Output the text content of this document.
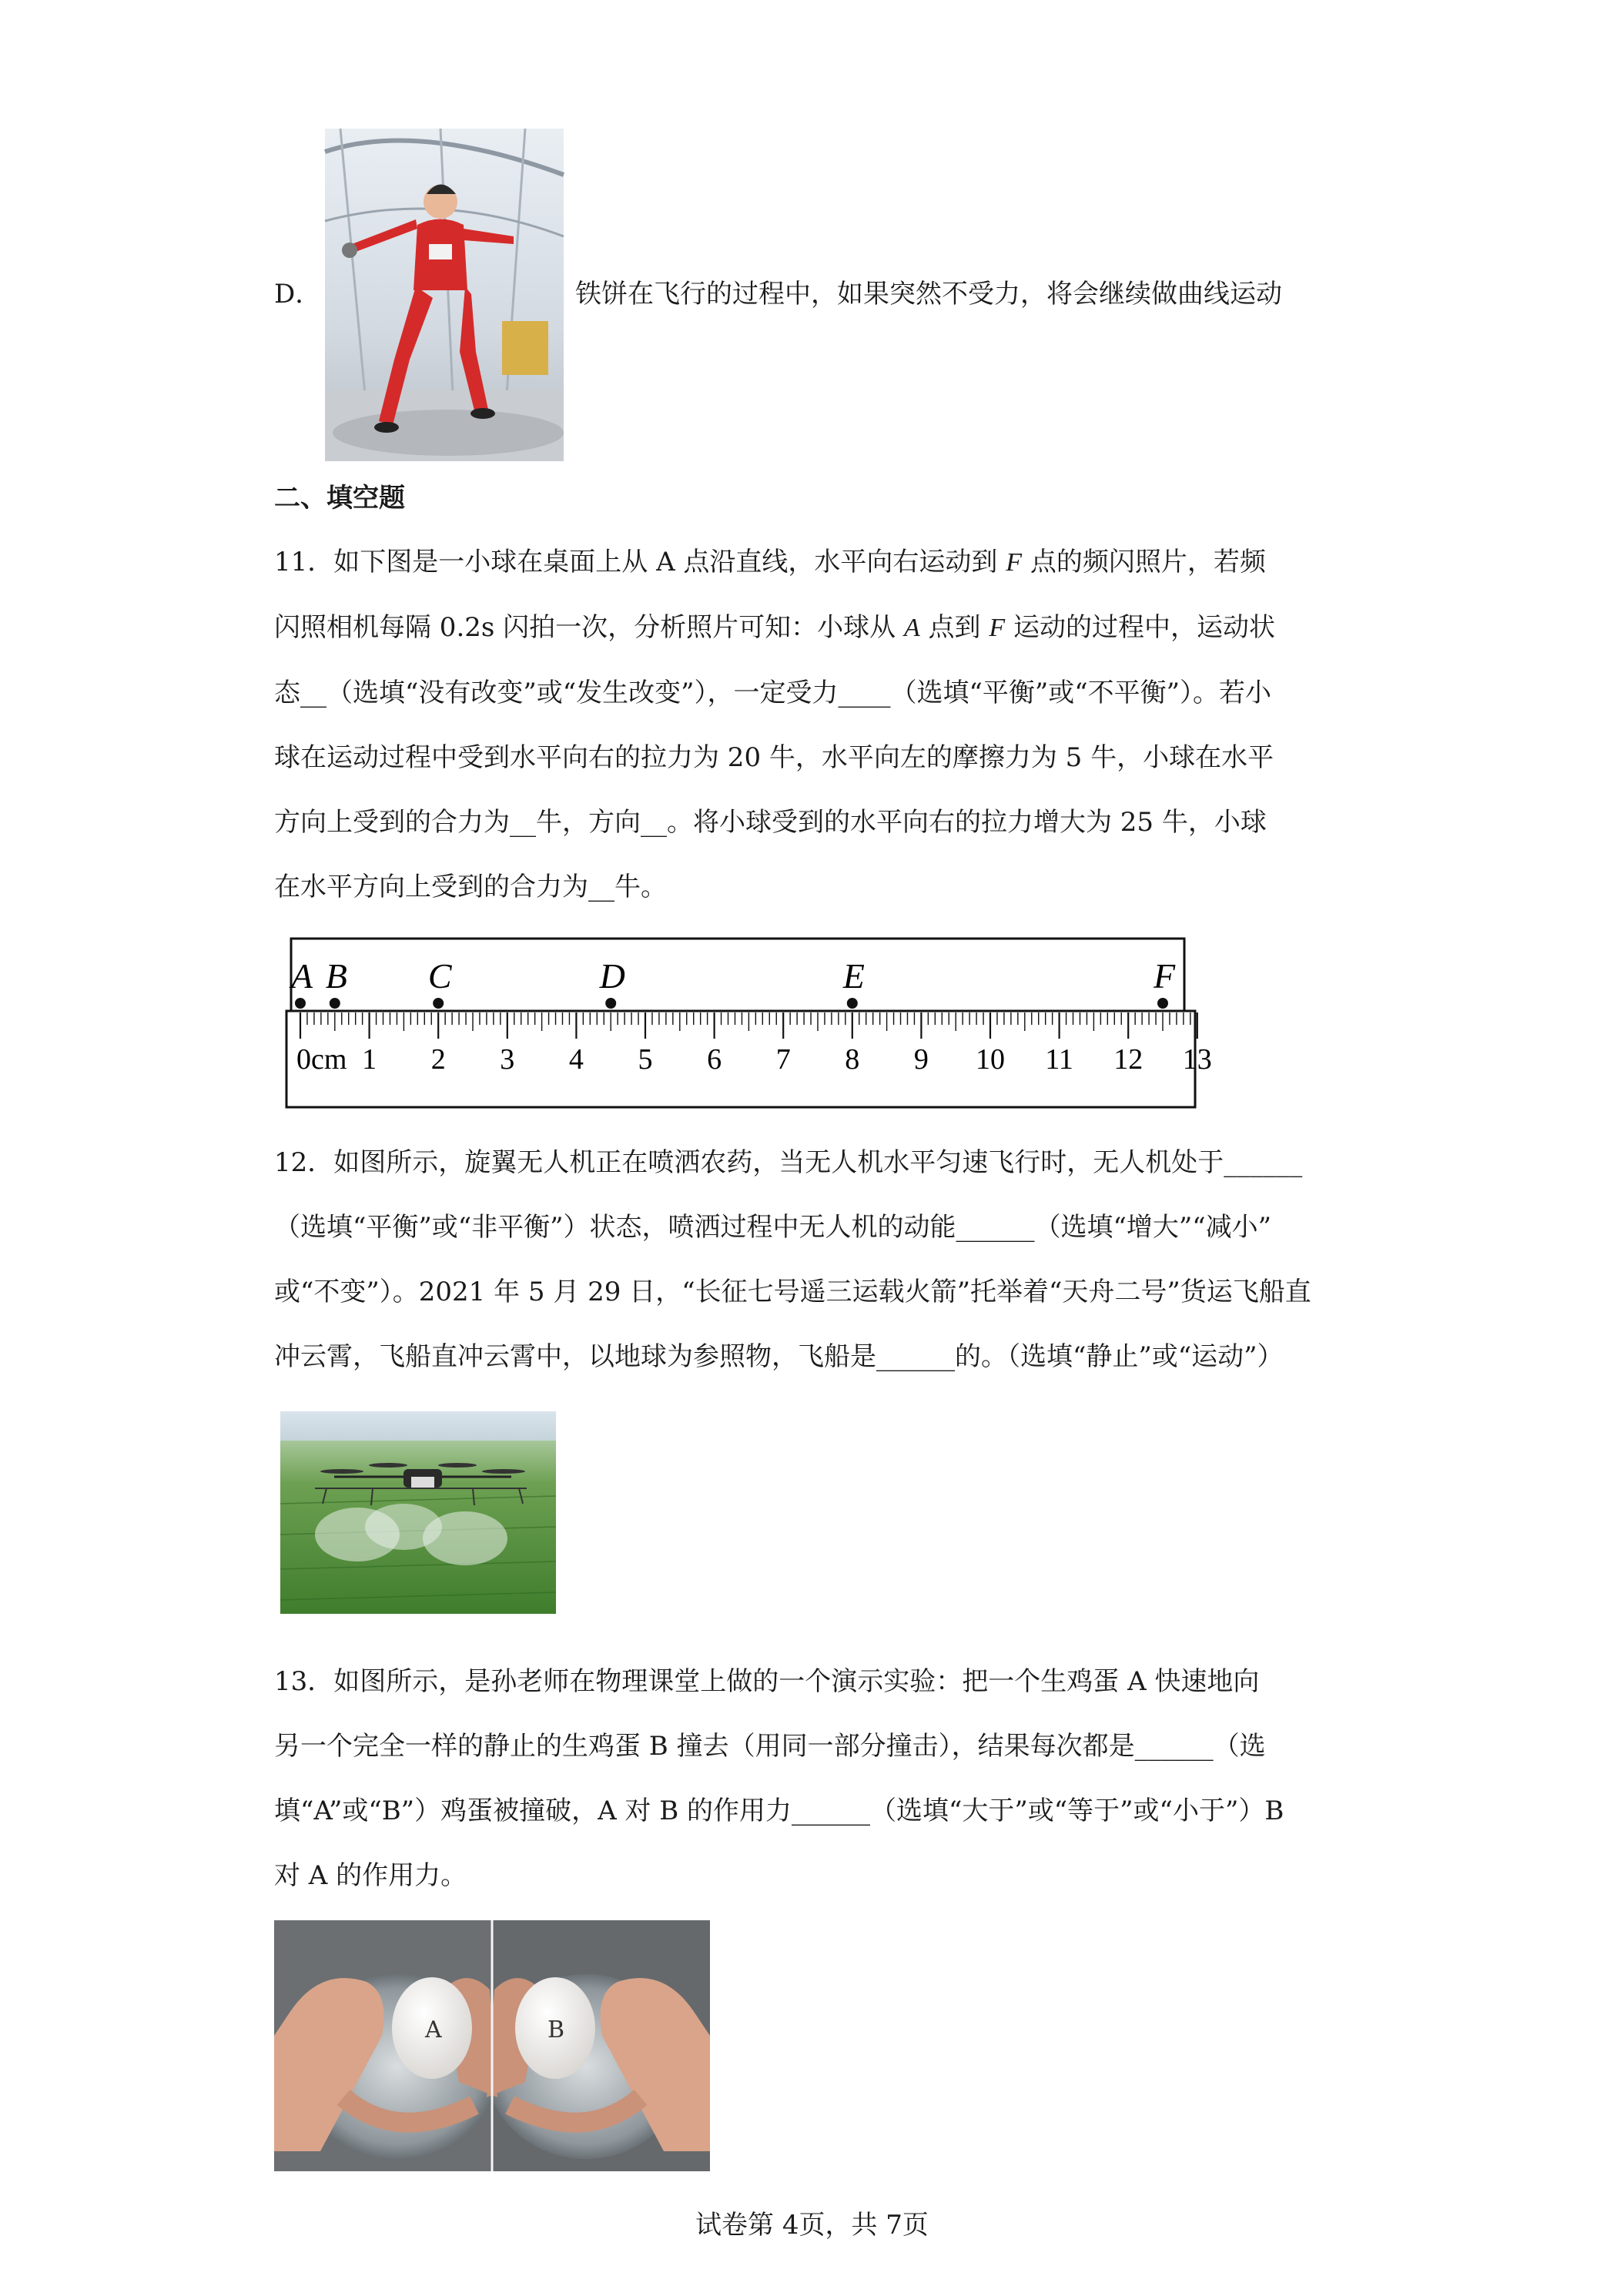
D．	铁饼在飞行的过程中，如果突然不受力，将会继续做曲线运动
二、填空题
11．如下图是一小球在桌面上从 A 点沿直线，水平向右运动到 F 点的频闪照片，若频
闪照相机每隔 0.2s 闪拍一次，分析照片可知：小球从 A 点到 F 运动的过程中，运动状
态__（选填“没有改变”或“发生改变”），一定受力____（选填“平衡”或“不平衡”）。若小
球在运动过程中受到水平向右的拉力为 20 牛，水平向左的摩擦力为 5 牛，小球在水平
方向上受到的合力为__牛，方向__。将小球受到的水平向右的拉力增大为 25 牛，小球
在水平方向上受到的合力为__牛。
0cm 1 2 3 4 5 6 7 8 9 10 11 12 13
A B C	D	E	F
12．如图所示，旋翼无人机正在喷洒农药，当无人机水平匀速飞行时，无人机处于______
（选填“平衡”或“非平衡”）状态，喷洒过程中无人机的动能______（选填“增大”“减小”
或“不变”）。2021 年 5 月 29 日，“长征七号遥三运载火箭”托举着“天舟二号”货运飞船直
冲云霄，飞船直冲云霄中，以地球为参照物，飞船是______的。（选填“静止”或“运动”）
13．如图所示，是孙老师在物理课堂上做的一个演示实验：把一个生鸡蛋 A 快速地向
另一个完全一样的静止的生鸡蛋 B 撞去（用同一部分撞击），结果每次都是______（选
填“A”或“B”）鸡蛋被撞破，A 对 B 的作用力______（选填“大于”或“等于”或“小于”）B
对 A 的作用力。
A	B
试卷第 4页，共 7页
